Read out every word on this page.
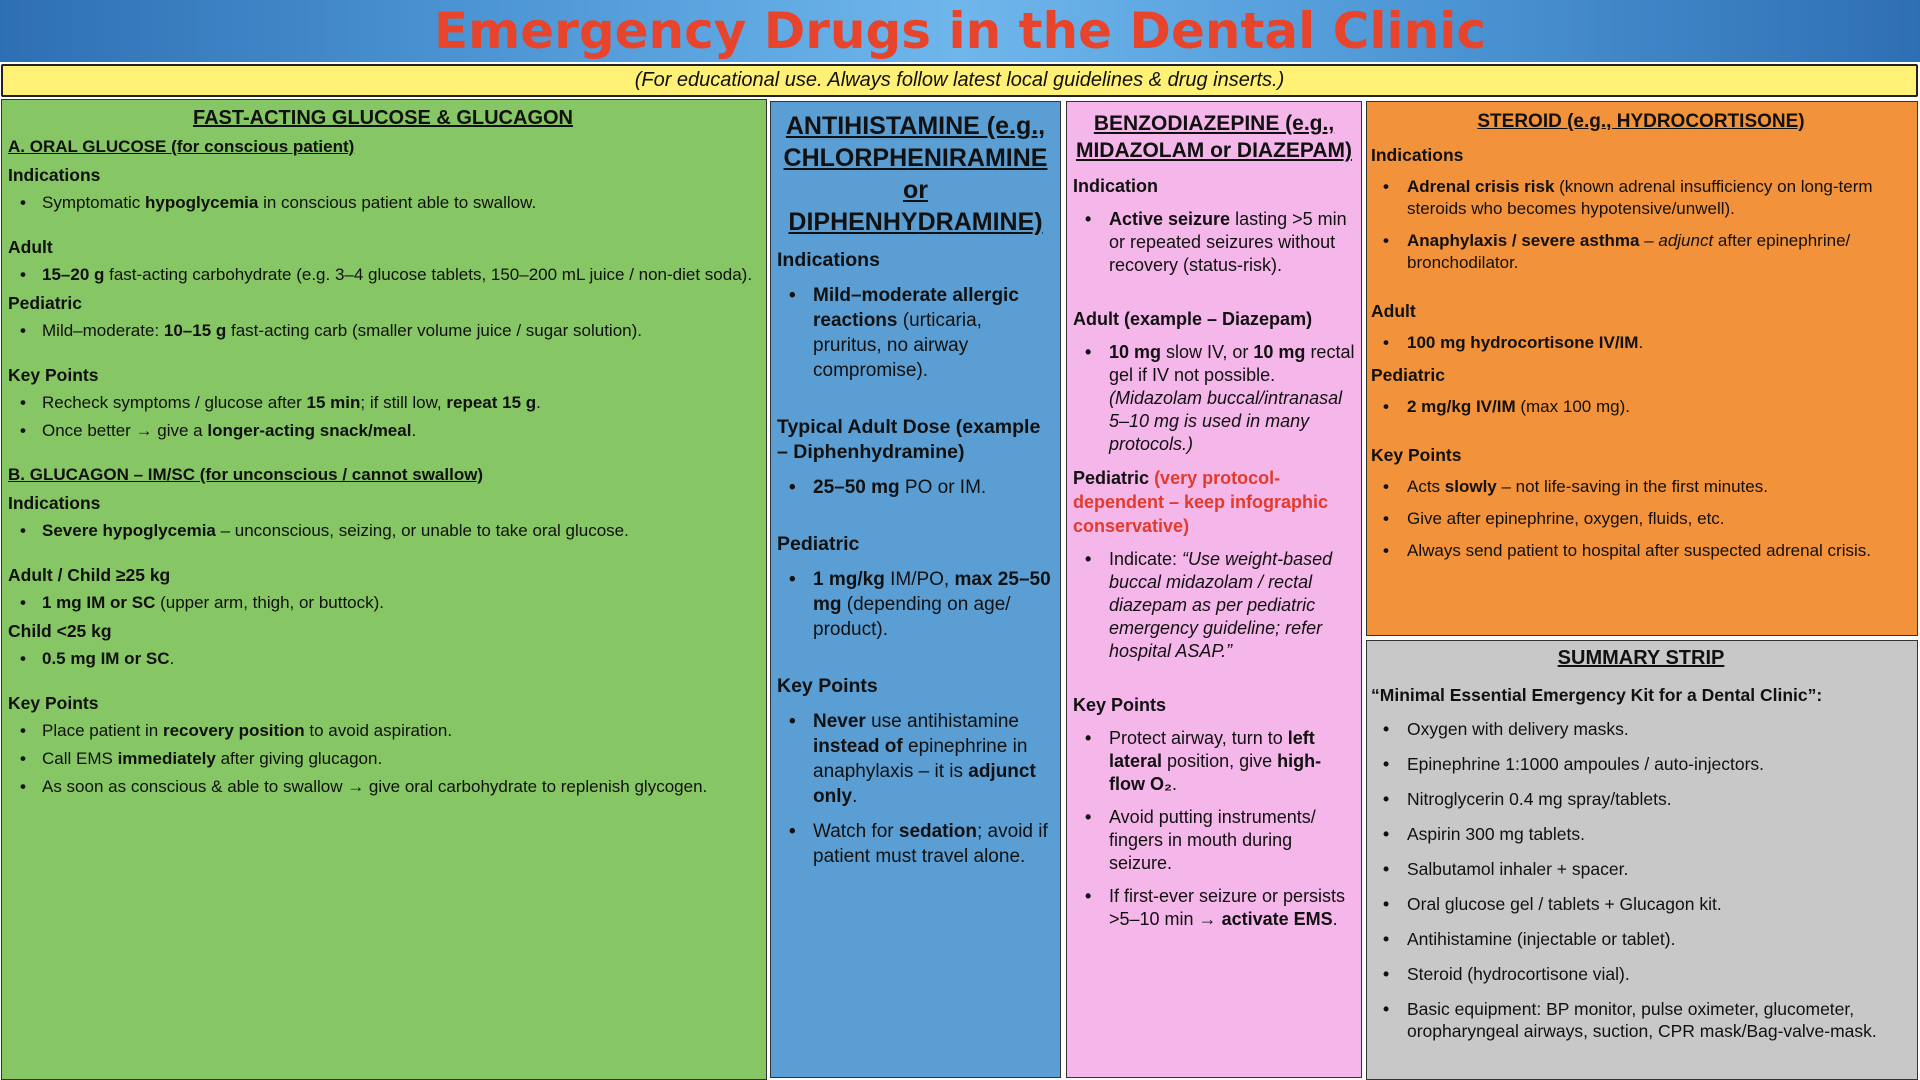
Emergency Drugs in the Dental Clinic
(For educational use. Always follow latest local guidelines & drug inserts.)
FAST-ACTING GLUCOSE & GLUCAGON
A. ORAL GLUCOSE (for conscious patient)
Indications
• Symptomatic hypoglycemia in conscious patient able to swallow.
Adult
• 15–20 g fast-acting carbohydrate (e.g. 3–4 glucose tablets, 150–200 mL juice / non-diet soda).
Pediatric
• Mild–moderate: 10–15 g fast-acting carb (smaller volume juice / sugar solution).
Key Points
• Recheck symptoms / glucose after 15 min; if still low, repeat 15 g.
• Once better → give a longer-acting snack/meal.
B. GLUCAGON – IM/SC (for unconscious / cannot swallow)
Indications
• Severe hypoglycemia – unconscious, seizing, or unable to take oral glucose.
Adult / Child ≥25 kg
• 1 mg IM or SC (upper arm, thigh, or buttock).
Child <25 kg
• 0.5 mg IM or SC.
Key Points
• Place patient in recovery position to avoid aspiration.
• Call EMS immediately after giving glucagon.
• As soon as conscious & able to swallow → give oral carbohydrate to replenish glycogen.
ANTIHISTAMINE (e.g., CHLORPHENIRAMINE or DIPHENHYDRAMINE)
Indications
• Mild–moderate allergic reactions (urticaria, pruritus, no airway compromise).
Typical Adult Dose (example – Diphenhydramine)
• 25–50 mg PO or IM.
Pediatric
• 1 mg/kg IM/PO, max 25–50 mg (depending on age/ product).
Key Points
• Never use antihistamine instead of epinephrine in anaphylaxis – it is adjunct only.
• Watch for sedation; avoid if patient must travel alone.
BENZODIAZEPINE (e.g., MIDAZOLAM or DIAZEPAM)
Indication
• Active seizure lasting >5 min or repeated seizures without recovery (status-risk).
Adult (example – Diazepam)
• 10 mg slow IV, or 10 mg rectal gel if IV not possible. (Midazolam buccal/intranasal 5–10 mg is used in many protocols.)
Pediatric (very protocol-dependent – keep infographic conservative)
• Indicate: “Use weight-based buccal midazolam / rectal diazepam as per pediatric emergency guideline; refer hospital ASAP.”
Key Points
• Protect airway, turn to left lateral position, give high-flow O₂.
• Avoid putting instruments/ fingers in mouth during seizure.
• If first-ever seizure or persists >5–10 min → activate EMS.
STEROID (e.g., HYDROCORTISONE)
Indications
• Adrenal crisis risk (known adrenal insufficiency on long-term steroids who becomes hypotensive/unwell).
• Anaphylaxis / severe asthma – adjunct after epinephrine/ bronchodilator.
Adult
• 100 mg hydrocortisone IV/IM.
Pediatric
• 2 mg/kg IV/IM (max 100 mg).
Key Points
• Acts slowly – not life-saving in the first minutes.
• Give after epinephrine, oxygen, fluids, etc.
• Always send patient to hospital after suspected adrenal crisis.
SUMMARY STRIP
“Minimal Essential Emergency Kit for a Dental Clinic”:
• Oxygen with delivery masks.
• Epinephrine 1:1000 ampoules / auto-injectors.
• Nitroglycerin 0.4 mg spray/tablets.
• Aspirin 300 mg tablets.
• Salbutamol inhaler + spacer.
• Oral glucose gel / tablets + Glucagon kit.
• Antihistamine (injectable or tablet).
• Steroid (hydrocortisone vial).
• Basic equipment: BP monitor, pulse oximeter, glucometer, oropharyngeal airways, suction, CPR mask/Bag-valve-mask.
